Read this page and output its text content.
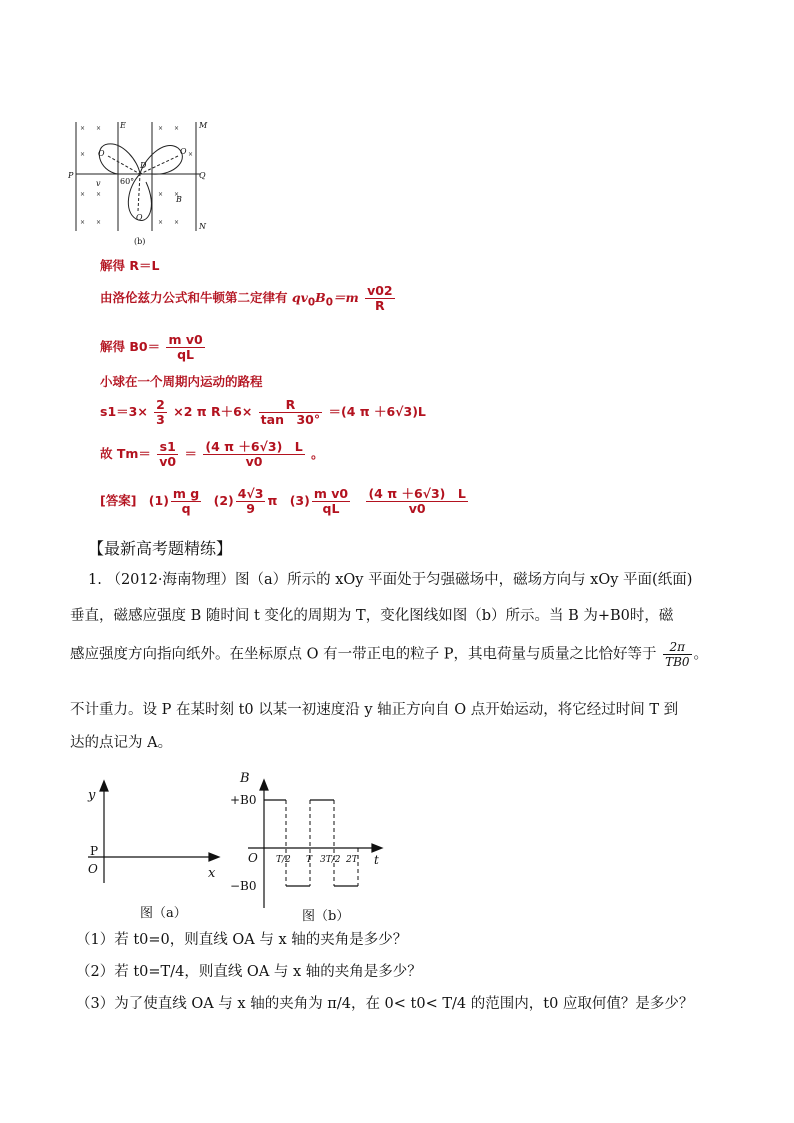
×
×
×
×
×
×
×
× ×
× ×
× ×
×
E	M
P	Q
N
D
B
O	O
O
v 60°
(b)
解得 R＝L
由洛伦兹力公式和牛顿第二定律有 $qv_0B_0=m \frac{v02}{R}$
解得 $B0= \frac{\text{m v0}}{qL}$
小球在一个周期内运动的路程
$s1=3\times \frac{2}{3} \times 2$ π $R+6\times \frac{R}{\tan 30^\circ} =(4$ π ＋6√3)L
故 $Tm= \frac{s1}{v0} = \frac{(4 \pi +6√3) L}{v0}$ 。
[答案] $(1) \frac{\text{m g}}{q} (2) \frac{4√3}{9}$ π $(3) \frac{\text{m v0}}{qL}$
$\frac{(4 \pi +6√3) L}{v0}$
【最新高考题精练】
1. （2012·海南物理）图（a）所示的 xOy 平面处于匀强磁场中，磁场方向与 xOy 平面(纸面)
垂直，磁感应强度 B 随时间 t 变化的周期为 T，变化图线如图（b）所示。当 B 为+B0时，磁
感应强度方向指向纸外。在坐标原点 O 有一带正电的粒子 P，其电荷量与质量之比恰好等于 $\frac{2\pi}{TB0}$ 。
不计重力。设 P 在某时刻 t0 以某一初速度沿 y 轴正方向自 O 点开始运动，将它经过时间 T 到
达的点记为 A。
y
x
P
O
图（a）
B
+B0
−B0
O	t
T/2 T 3T/2 2T
图（b）
（1）若 t0=0，则直线 OA 与 x 轴的夹角是多少？
（2）若 t0=T/4，则直线 OA 与 x 轴的夹角是多少？
（3）为了使直线 OA 与 x 轴的夹角为 π/4，在 0< t0< T/4 的范围内，t0 应取何值？是多少？
